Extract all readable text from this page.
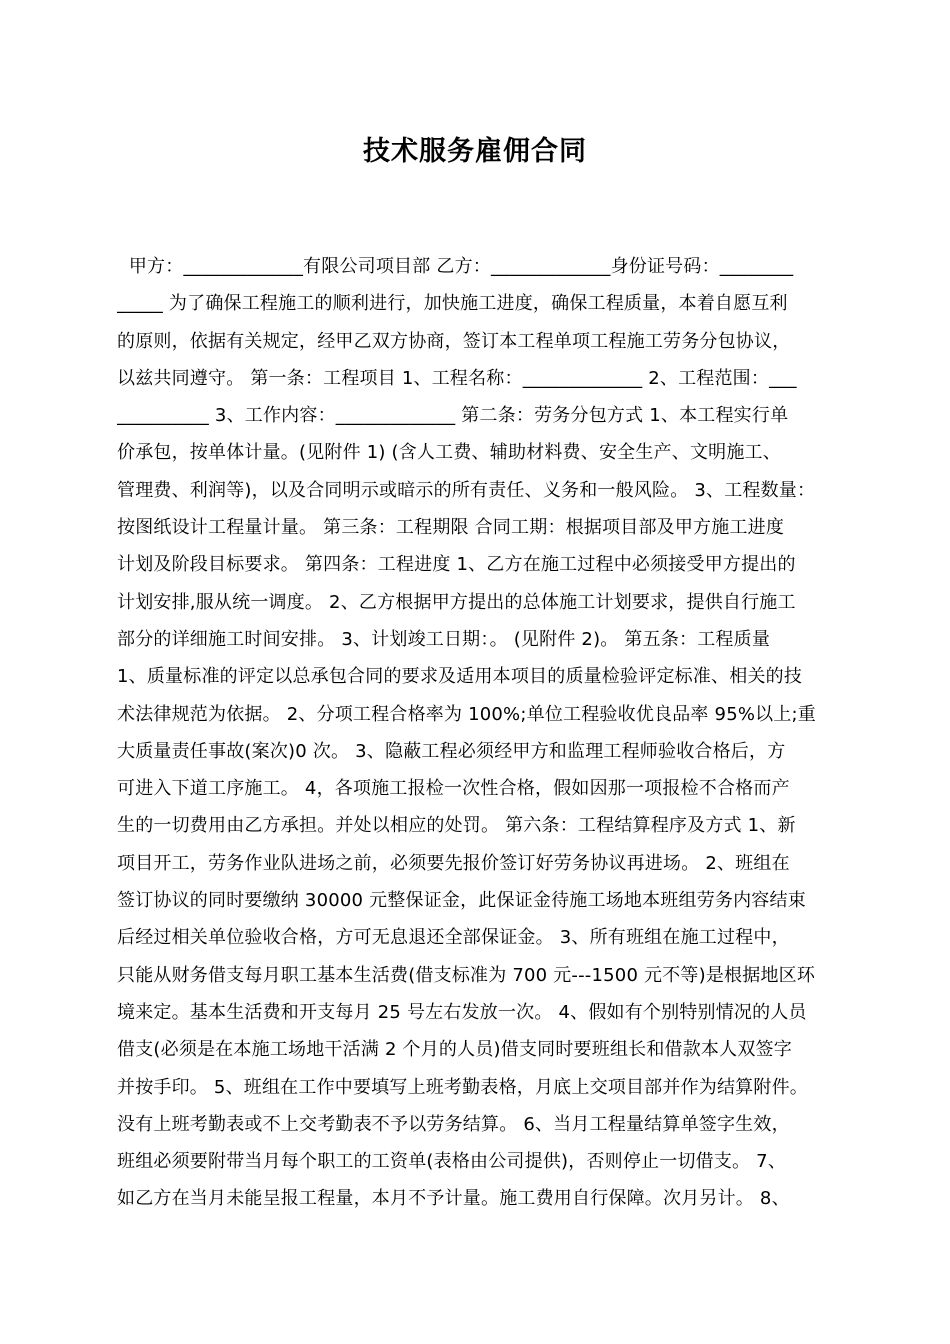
技术服务雇佣合同
甲方：_____________有限公司项目部 乙方：_____________身份证号码：________
_____ 为了确保工程施工的顺利进行，加快施工进度，确保工程质量，本着自愿互利
的原则，依据有关规定，经甲乙双方协商，签订本工程单项工程施工劳务分包协议，
以兹共同遵守。 第一条：工程项目 1、工程名称：_____________ 2、工程范围：___
__________ 3、工作内容：_____________ 第二条：劳务分包方式 1、本工程实行单
价承包，按单体计量。(见附件 1) (含人工费、辅助材料费、安全生产、文明施工、
管理费、利润等)，以及合同明示或暗示的所有责任、义务和一般风险。 3、工程数量：
按图纸设计工程量计量。 第三条：工程期限 合同工期：根据项目部及甲方施工进度
计划及阶段目标要求。 第四条：工程进度 1、乙方在施工过程中必须接受甲方提出的
计划安排,服从统一调度。 2、乙方根据甲方提出的总体施工计划要求，提供自行施工
部分的详细施工时间安排。 3、计划竣工日期：。 (见附件 2)。 第五条：工程质量
1、质量标准的评定以总承包合同的要求及适用本项目的质量检验评定标准、相关的技
术法律规范为依据。 2、分项工程合格率为 100%;单位工程验收优良品率 95%以上;重
大质量责任事故(案次)0 次。 3、隐蔽工程必须经甲方和监理工程师验收合格后，方
可进入下道工序施工。 4，各项施工报检一次性合格，假如因那一项报检不合格而产
生的一切费用由乙方承担。并处以相应的处罚。 第六条：工程结算程序及方式 1、新
项目开工，劳务作业队进场之前，必须要先报价签订好劳务协议再进场。 2、班组在
签订协议的同时要缴纳 30000 元整保证金，此保证金待施工场地本班组劳务内容结束
后经过相关单位验收合格，方可无息退还全部保证金。 3、所有班组在施工过程中，
只能从财务借支每月职工基本生活费(借支标准为 700 元---1500 元不等)是根据地区环
境来定。基本生活费和开支每月 25 号左右发放一次。 4、假如有个别特别情况的人员
借支(必须是在本施工场地干活满 2 个月的人员)借支同时要班组长和借款本人双签字
并按手印。 5、班组在工作中要填写上班考勤表格，月底上交项目部并作为结算附件。
没有上班考勤表或不上交考勤表不予以劳务结算。 6、当月工程量结算单签字生效，
班组必须要附带当月每个职工的工资单(表格由公司提供)，否则停止一切借支。 7、
如乙方在当月未能呈报工程量，本月不予计量。施工费用自行保障。次月另计。 8、
